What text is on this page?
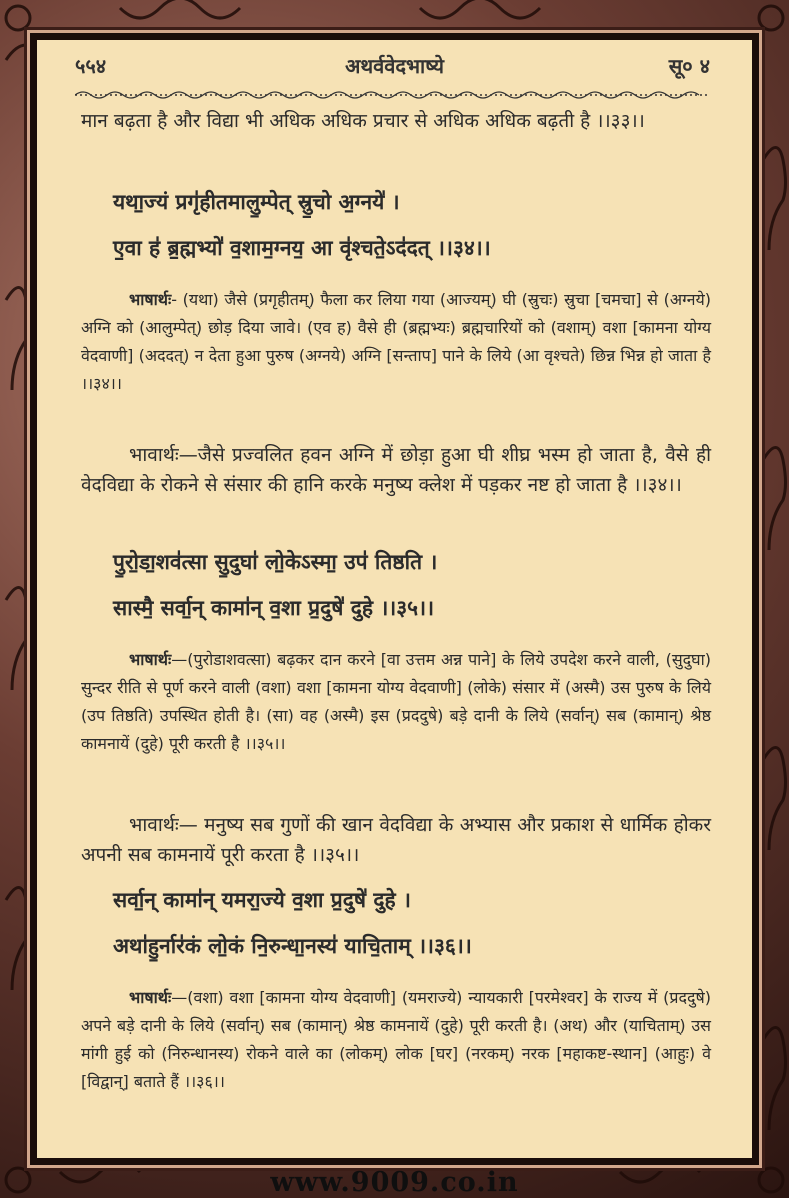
५५४	अथर्ववेदभाष्ये	सू० ४
मान बढ़ता है और विद्या भी अधिक अधिक प्रचार से अधिक अधिक बढ़ती है ।।३३।।
यथा॒ज्यं प्रगृ॑हीतमालु॒म्पेत् स्रु॒चो अ॒ग्नये॑ ।
ए॒वा ह॑ ब्र॒ह्मभ्यो॑ व॒शाम॒ग्नय॒ आ वृ॑श्चते॒ऽद॑दत् ।।३४।।
भाषार्थः- (यथा) जैसे (प्रगृहीतम्) फैला कर लिया गया (आज्यम्) घी (स्रुचः) स्रुचा [चमचा] से (अग्नये) अग्नि को (आलुम्पेत्) छोड़ दिया जावे। (एव ह) वैसे ही (ब्रह्मभ्यः) ब्रह्मचारियों को (वशाम्) वशा [कामना योग्य वेदवाणी] (अददत्) न देता हुआ पुरुष (अग्नये) अग्नि [सन्ताप] पाने के लिये (आ वृश्चते) छिन्न भिन्न हो जाता है ।।३४।।
भावार्थः—जैसे प्रज्वलित हवन अग्नि में छोड़ा हुआ घी शीघ्र भस्म हो जाता है, वैसे ही वेदविद्या के रोकने से संसार की हानि करके मनुष्य क्लेश में पड़कर नष्ट हो जाता है ।।३४।।
पु॒रो॒डा॒शव॑त्सा सु॒दुघा॑ लो॒केऽस्मा॒ उप॑ तिष्ठति ।
सास्मै॒ सर्वा॒न् कामा॑न् व॒शा प्र॒दुषे॑ दुहे ।।३५।।
भाषार्थः—(पुरोडाशवत्सा) बढ़कर दान करने [वा उत्तम अन्न पाने] के लिये उपदेश करने वाली, (सुदुघा) सुन्दर रीति से पूर्ण करने वाली (वशा) वशा [कामना योग्य वेदवाणी] (लोके) संसार में (अस्मै) उस पुरुष के लिये (उप तिष्ठति) उपस्थित होती है। (सा) वह (अस्मै) इस (प्रददुषे) बड़े दानी के लिये (सर्वान्) सब (कामान्) श्रेष्ठ कामनायें (दुहे) पूरी करती है ।।३५।।
भावार्थः— मनुष्य सब गुणों की खान वेदविद्या के अभ्यास और प्रकाश से धार्मिक होकर अपनी सब कामनायें पूरी करता है ।।३५।।
सर्वा॒न् कामा॑न् यमरा॒ज्ये व॒शा प्र॒दुषे॑ दुहे ।
अथा॑हु॒र्नार॑कं लो॒कं नि॒रुन्धा॒नस्य॑ याचि॒ताम् ।।३६।।
भाषार्थः—(वशा) वशा [कामना योग्य वेदवाणी] (यमराज्ये) न्यायकारी [परमेश्वर] के राज्य में (प्रददुषे) अपने बड़े दानी के लिये (सर्वान्) सब (कामान्) श्रेष्ठ कामनायें (दुहे) पूरी करती है। (अथ) और (याचिताम्) उस मांगी हुई को (निरुन्धानस्य) रोकने वाले का (लोकम्) लोक [घर] (नरकम्) नरक [महाकष्ट-स्थान] (आहुः) वे [विद्वान्] बताते हैं ।।३६।।
www.9009.co.in
